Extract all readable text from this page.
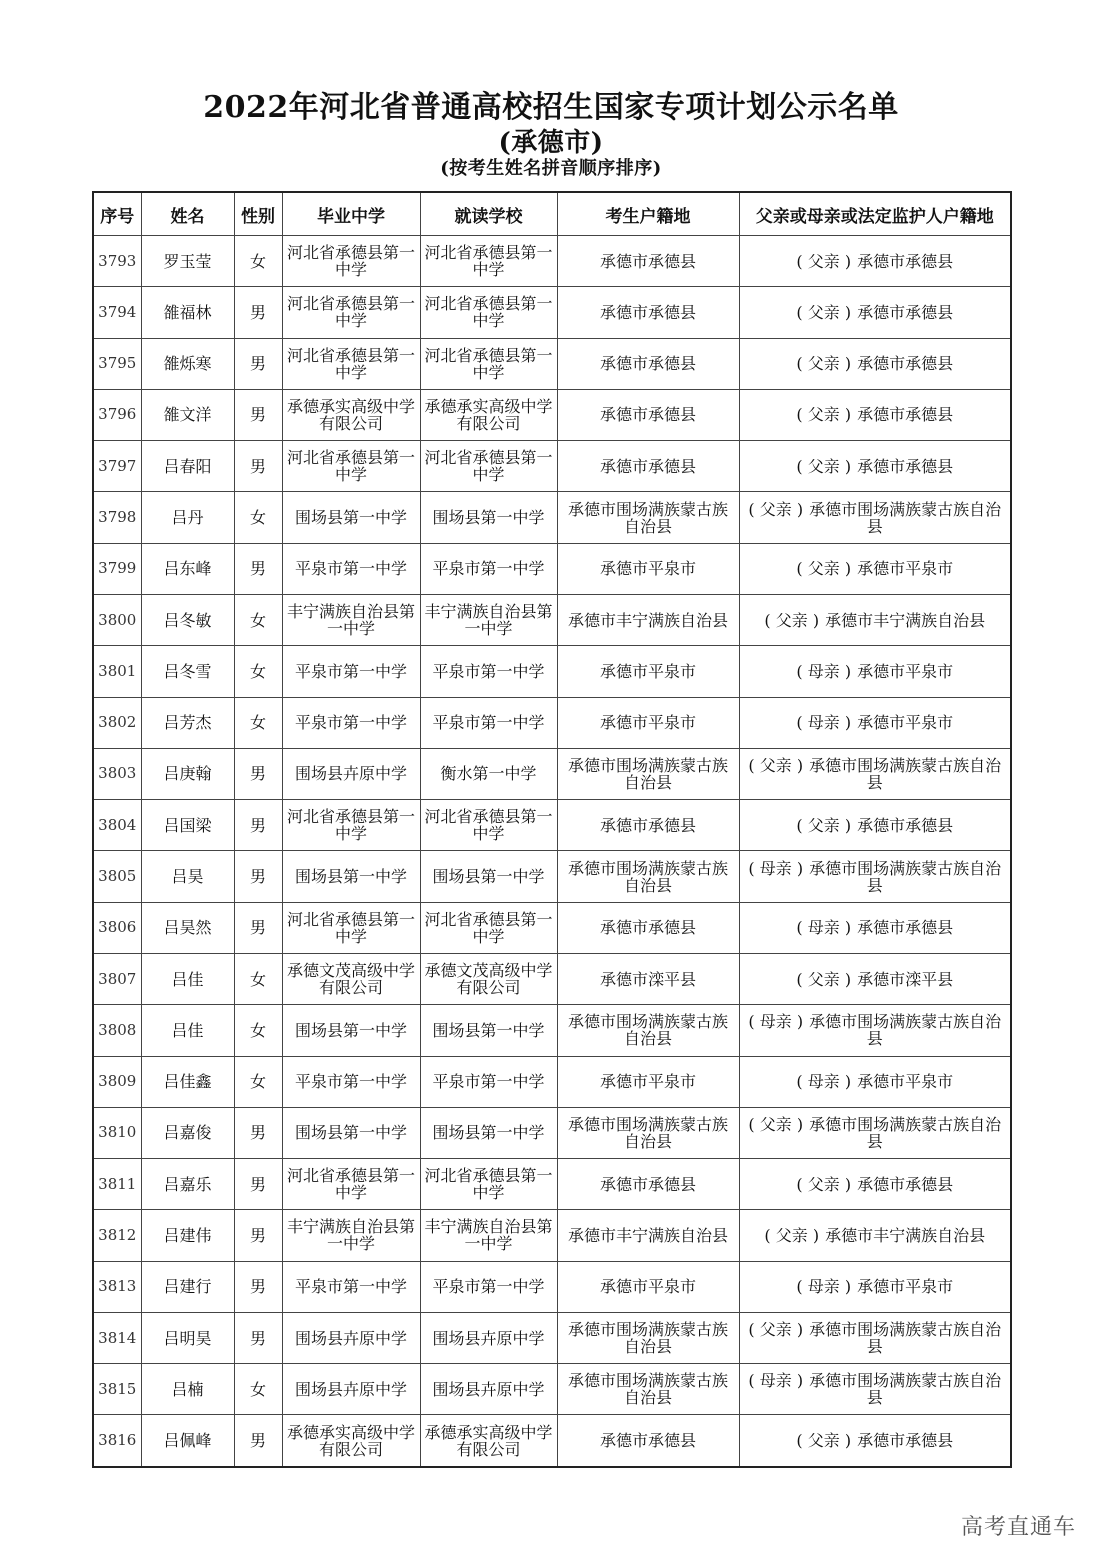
2022年河北省普通高校招生国家专项计划公示名单
(承德市)
(按考生姓名拼音顺序排序)
序号	姓名	性别	毕业中学	就读学校	考生户籍地	父亲或母亲或法定监护人户籍地
3793	罗玉莹	女	河北省承德县第一中学	河北省承德县第一中学	承德市承德县	( 父亲 ) 承德市承德县
3794	雒福林	男	河北省承德县第一中学	河北省承德县第一中学	承德市承德县	( 父亲 ) 承德市承德县
3795	雒烁寒	男	河北省承德县第一中学	河北省承德县第一中学	承德市承德县	( 父亲 ) 承德市承德县
3796	雒文洋	男	承德承实高级中学有限公司	承德承实高级中学有限公司	承德市承德县	( 父亲 ) 承德市承德县
3797	吕春阳	男	河北省承德县第一中学	河北省承德县第一中学	承德市承德县	( 父亲 ) 承德市承德县
3798	吕丹	女	围场县第一中学	围场县第一中学	承德市围场满族蒙古族自治县	( 父亲 ) 承德市围场满族蒙古族自治县
3799	吕东峰	男	平泉市第一中学	平泉市第一中学	承德市平泉市	( 父亲 ) 承德市平泉市
3800	吕冬敏	女	丰宁满族自治县第一中学	丰宁满族自治县第一中学	承德市丰宁满族自治县	( 父亲 ) 承德市丰宁满族自治县
3801	吕冬雪	女	平泉市第一中学	平泉市第一中学	承德市平泉市	( 母亲 ) 承德市平泉市
3802	吕芳杰	女	平泉市第一中学	平泉市第一中学	承德市平泉市	( 母亲 ) 承德市平泉市
3803	吕庚翰	男	围场县卉原中学	衡水第一中学	承德市围场满族蒙古族自治县	( 父亲 ) 承德市围场满族蒙古族自治县
3804	吕国梁	男	河北省承德县第一中学	河北省承德县第一中学	承德市承德县	( 父亲 ) 承德市承德县
3805	吕昊	男	围场县第一中学	围场县第一中学	承德市围场满族蒙古族自治县	( 母亲 ) 承德市围场满族蒙古族自治县
3806	吕昊然	男	河北省承德县第一中学	河北省承德县第一中学	承德市承德县	( 母亲 ) 承德市承德县
3807	吕佳	女	承德文茂高级中学有限公司	承德文茂高级中学有限公司	承德市滦平县	( 父亲 ) 承德市滦平县
3808	吕佳	女	围场县第一中学	围场县第一中学	承德市围场满族蒙古族自治县	( 母亲 ) 承德市围场满族蒙古族自治县
3809	吕佳鑫	女	平泉市第一中学	平泉市第一中学	承德市平泉市	( 母亲 ) 承德市平泉市
3810	吕嘉俊	男	围场县第一中学	围场县第一中学	承德市围场满族蒙古族自治县	( 父亲 ) 承德市围场满族蒙古族自治县
3811	吕嘉乐	男	河北省承德县第一中学	河北省承德县第一中学	承德市承德县	( 父亲 ) 承德市承德县
3812	吕建伟	男	丰宁满族自治县第一中学	丰宁满族自治县第一中学	承德市丰宁满族自治县	( 父亲 ) 承德市丰宁满族自治县
3813	吕建行	男	平泉市第一中学	平泉市第一中学	承德市平泉市	( 母亲 ) 承德市平泉市
3814	吕明昊	男	围场县卉原中学	围场县卉原中学	承德市围场满族蒙古族自治县	( 父亲 ) 承德市围场满族蒙古族自治县
3815	吕楠	女	围场县卉原中学	围场县卉原中学	承德市围场满族蒙古族自治县	( 母亲 ) 承德市围场满族蒙古族自治县
3816	吕佩峰	男	承德承实高级中学有限公司	承德承实高级中学有限公司	承德市承德县	( 父亲 ) 承德市承德县
高考直通车
